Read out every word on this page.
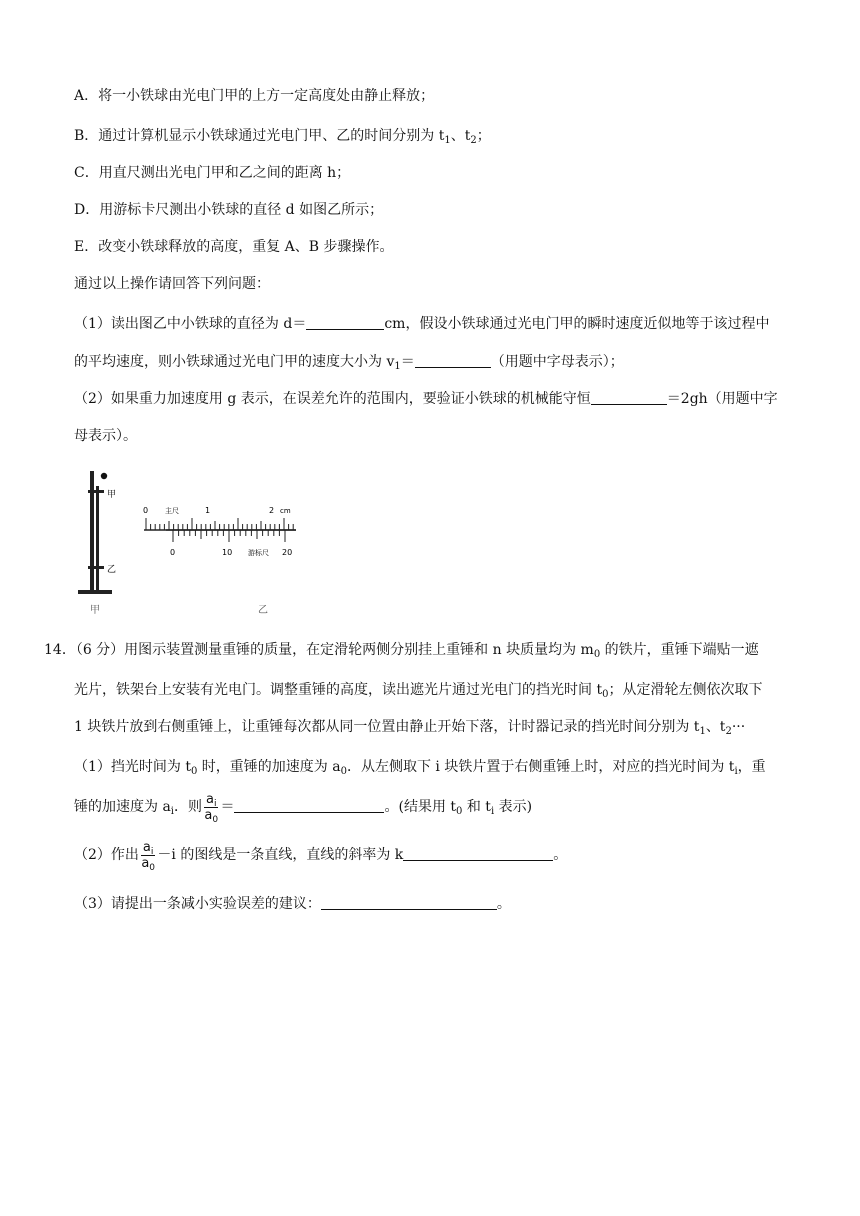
A．将一小铁球由光电门甲的上方一定高度处由静止释放；
B．通过计算机显示小铁球通过光电门甲、乙的时间分别为 $t_1$、$t_2$；
C．用直尺测出光电门甲和乙之间的距离 h；
D．用游标卡尺测出小铁球的直径 d 如图乙所示；
E．改变小铁球释放的高度，重复 A、B 步骤操作。
通过以上操作请回答下列问题：
（1）读出图乙中小铁球的直径为 d＝	cm，假设小铁球通过光电门甲的瞬时速度近似地等于该过程中
的平均速度，则小铁球通过光电门甲的速度大小为 $v_1=$	（用题中字母表示）；
（2）如果重力加速度用 g 表示，在误差允许的范围内，要验证小铁球的机械能守恒	＝2gh（用题中字
母表示）。
甲
乙
甲
0 主尺	1	2 cm
0	10 游标尺 20
乙
14．（6 分）用图示装置测量重锤的质量，在定滑轮两侧分别挂上重锤和 n 块质量均为 $m_0$ 的铁片，重锤下端贴一遮
光片，铁架台上安装有光电门。调整重锤的高度，读出遮光片通过光电门的挡光时间 $t_0$；从定滑轮左侧依次取下
1 块铁片放到右侧重锤上，让重锤每次都从同一位置由静止开始下落，计时器记录的挡光时间分别为 $t_1$、$t_2\cdot\cdot\cdot$
（1）挡光时间为 $t_0$ 时，重锤的加速度为 $a_0$．从左侧取下 i 块铁片置于右侧重锤上时，对应的挡光时间为 $t_i$，重
锤的加速度为 $a_i$．则 $\frac{a_i}{a_0}$ ＝	。(结果用 $t_0$ 和 $t_i$ 表示)
（2）作出 $\frac{a_i}{a_0} -i$ 的图线是一条直线，直线的斜率为 k	。
（3）请提出一条减小实验误差的建议：	。
